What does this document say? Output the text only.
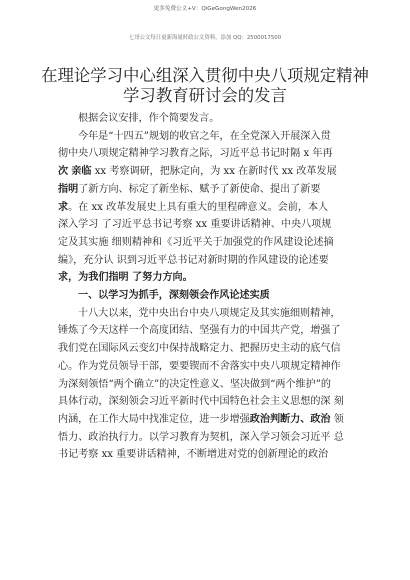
更多免费公文+V：QiGeGongWen2026
七哥公文每日更新海量时政公文资料，添加 QQ：2500017500
在理论学习中心组深入贯彻中央八项规定精神
学习教育研讨会的发言
根据会议安排，作个简要发言。
今年是“十四五”规划的收官之年，在全党深入开展深入贯
彻中央八项规定精神学习教育之际，习近平总书记时隔 x 年再
次 亲临 xx 考察调研，把脉定向，为 xx 在新时代 xx 改革发展
指明了新方向、标定了新坐标、赋予了新使命、提出了新要
求。在 xx 改革发展史上具有重大的里程碑意义。会前，本人
深入学习 了习近平总书记考察 xx 重要讲话精神、中央八项规
定及其实施 细则精神和《习近平关于加强党的作风建设论述摘
编》，充分认 识到习近平总书记对新时期的作风建设的论述要
求，为我们指明 了努力方向。
一、以学习为抓手，深刻领会作风论述实质
十八大以来，党中央出台中央八项规定及其实施细则精神，
锤炼了今天这样一个高度团结、坚强有力的中国共产党，增强了
我们党在国际风云变幻中保持战略定力、把握历史主动的底气信
心。作为党员领导干部，要要锲而不舍落实中央八项规定精神作
为深刻领悟“两个确立”的决定性意义、坚决做到“两个维护”的
具体行动，深刻领会习近平新时代中国特色社会主义思想的深 刻
内涵，在工作大局中找准定位，进一步增强政治判断力、政治 领
悟力、政治执行力。以学习教育为契机，深入学习领会习近平 总
书记考察 xx 重要讲话精神，不断增进对党的创新理论的政治
